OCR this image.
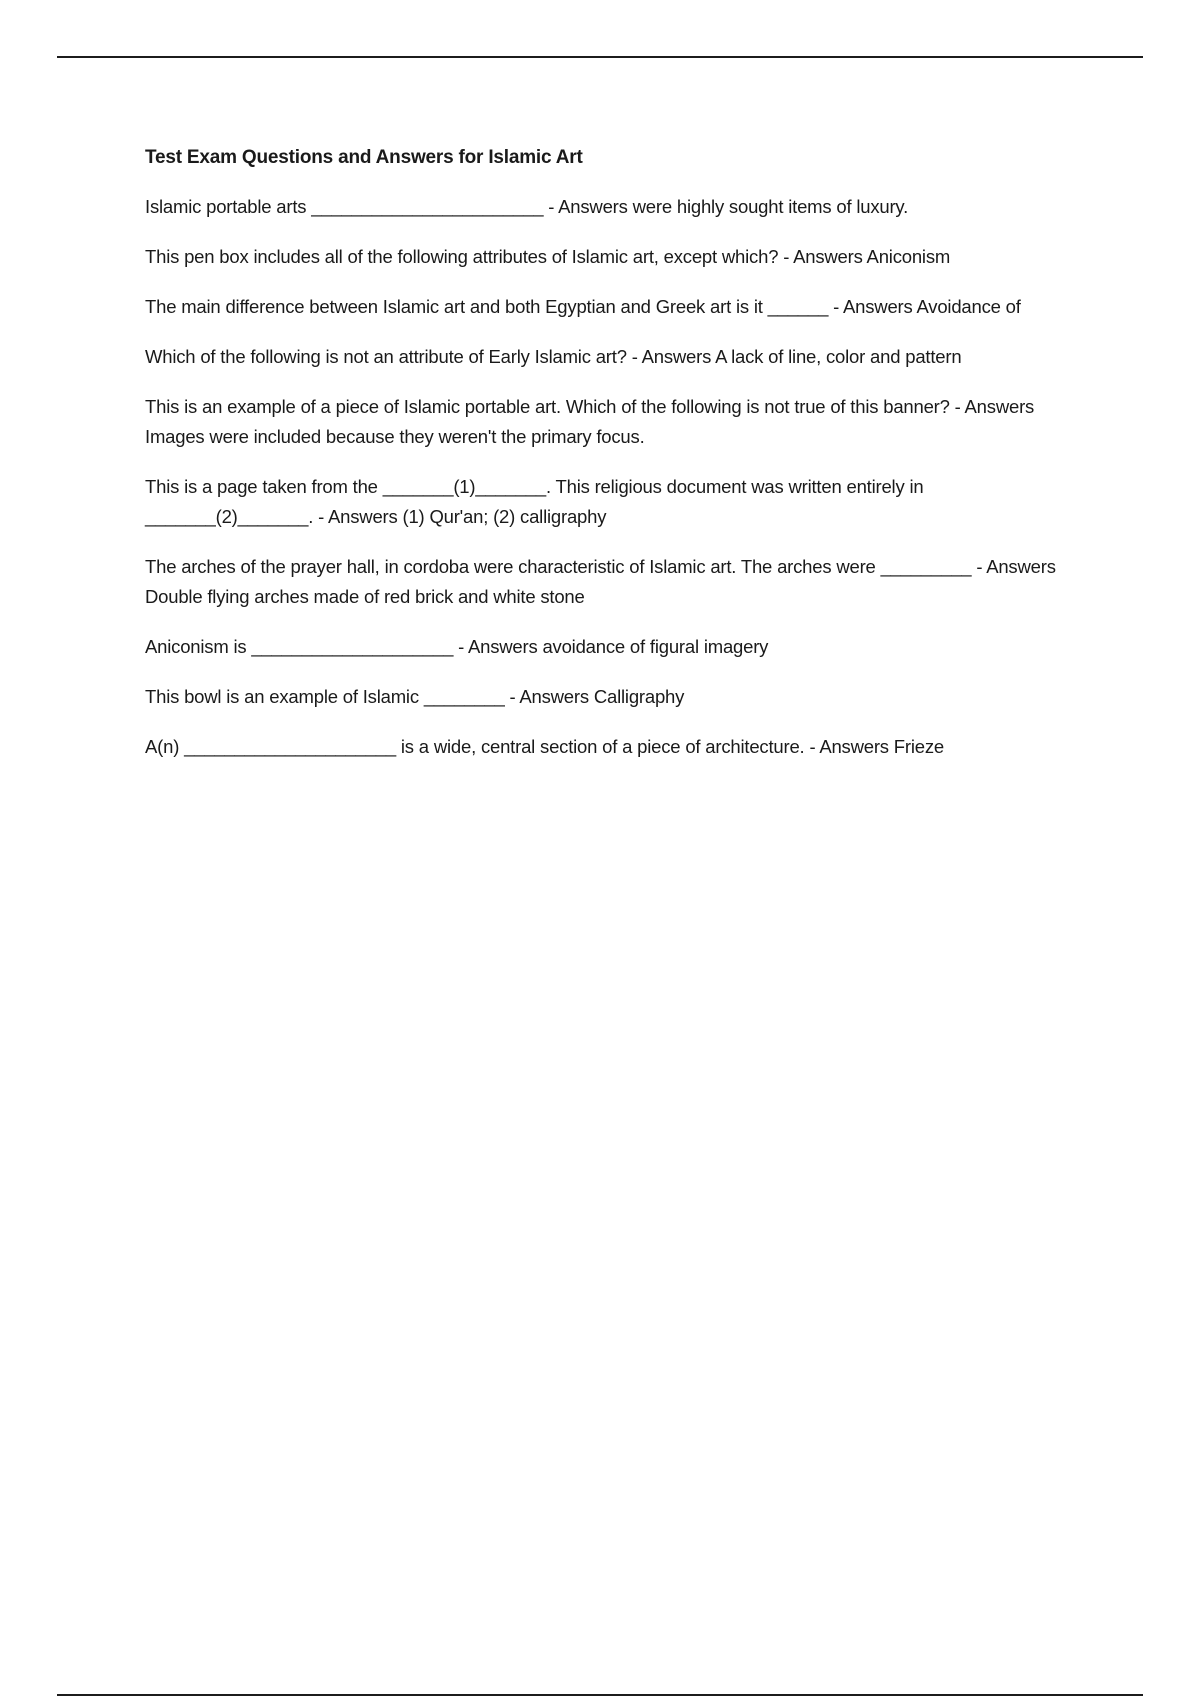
Test Exam Questions and Answers for Islamic Art

Islamic portable arts _______________________ - Answers were highly sought items of luxury.

This pen box includes all of the following attributes of Islamic art, except which? - Answers Aniconism

The main difference between Islamic art and both Egyptian and Greek art is it ______ - Answers Avoidance of

Which of the following is not an attribute of Early Islamic art? - Answers A lack of line, color and pattern

This is an example of a piece of Islamic portable art. Which of the following is not true of this banner? - Answers Images were included because they weren't the primary focus.

This is a page taken from the _______(1)_______. This religious document was written entirely in _______(2)_______. - Answers (1) Qur'an; (2) calligraphy

The arches of the prayer hall, in cordoba were characteristic of Islamic art. The arches were _________ - Answers Double flying arches made of red brick and white stone

Aniconism is ____________________ - Answers avoidance of figural imagery

This bowl is an example of Islamic ________ - Answers Calligraphy

A(n) _____________________ is a wide, central section of a piece of architecture. - Answers Frieze
